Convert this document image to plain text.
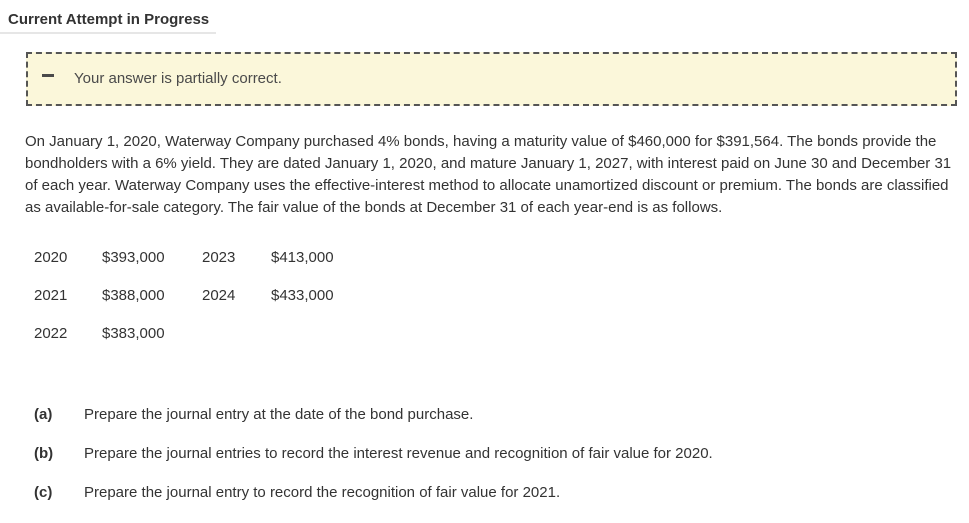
Current Attempt in Progress
Your answer is partially correct.
On January 1, 2020, Waterway Company purchased 4% bonds, having a maturity value of $460,000 for $391,564. The bonds provide the bondholders with a 6% yield. They are dated January 1, 2020, and mature January 1, 2027, with interest paid on June 30 and December 31 of each year. Waterway Company uses the effective-interest method to allocate unamortized discount or premium. The bonds are classified as available-for-sale category. The fair value of the bonds at December 31 of each year-end is as follows.
2020 $393,000 2023 $413,000
2021 $388,000 2024 $433,000
2022 $383,000
(a) Prepare the journal entry at the date of the bond purchase.
(b) Prepare the journal entries to record the interest revenue and recognition of fair value for 2020.
(c) Prepare the journal entry to record the recognition of fair value for 2021.
